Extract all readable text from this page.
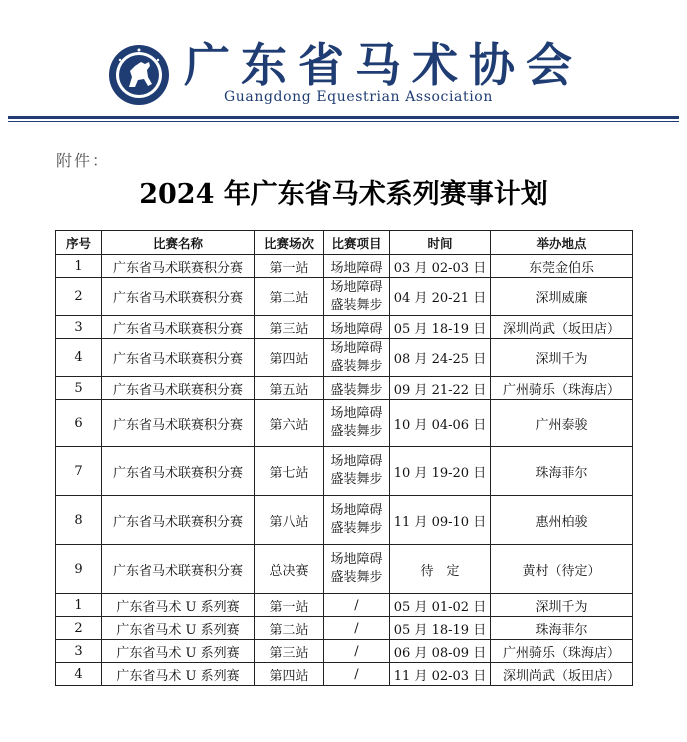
广东省马术协会
Guangdong Equestrian Association
附件：
2024 年广东省马术系列赛事计划
序号	比赛名称	比赛场次	比赛项目	时间	举办地点
1	广东省马术联赛积分赛	第一站	场地障碍	03 月 02-03 日	东莞金伯乐
2	广东省马术联赛积分赛	第二站	场地障碍
盛装舞步	04 月 20-21 日	深圳威廉
3	广东省马术联赛积分赛	第三站	场地障碍	05 月 18-19 日	深圳尚武（坂田店）
4	广东省马术联赛积分赛	第四站	场地障碍
盛装舞步	08 月 24-25 日	深圳千为
5	广东省马术联赛积分赛	第五站	盛装舞步	09 月 21-22 日	广州骑乐（珠海店）
6	广东省马术联赛积分赛	第六站	场地障碍
盛装舞步	10 月 04-06 日	广州泰骏
7	广东省马术联赛积分赛	第七站	场地障碍
盛装舞步	10 月 19-20 日	珠海菲尔
8	广东省马术联赛积分赛	第八站	场地障碍
盛装舞步	11 月 09-10 日	惠州柏骏
9	广东省马术联赛积分赛	总决赛	场地障碍
盛装舞步	待　定	黄村（待定）
1	广东省马术 U 系列赛	第一站	/	05 月 01-02 日	深圳千为
2	广东省马术 U 系列赛	第二站	/	05 月 18-19 日	珠海菲尔
3	广东省马术 U 系列赛	第三站	/	06 月 08-09 日	广州骑乐（珠海店）
4	广东省马术 U 系列赛	第四站	/	11 月 02-03 日	深圳尚武（坂田店）
